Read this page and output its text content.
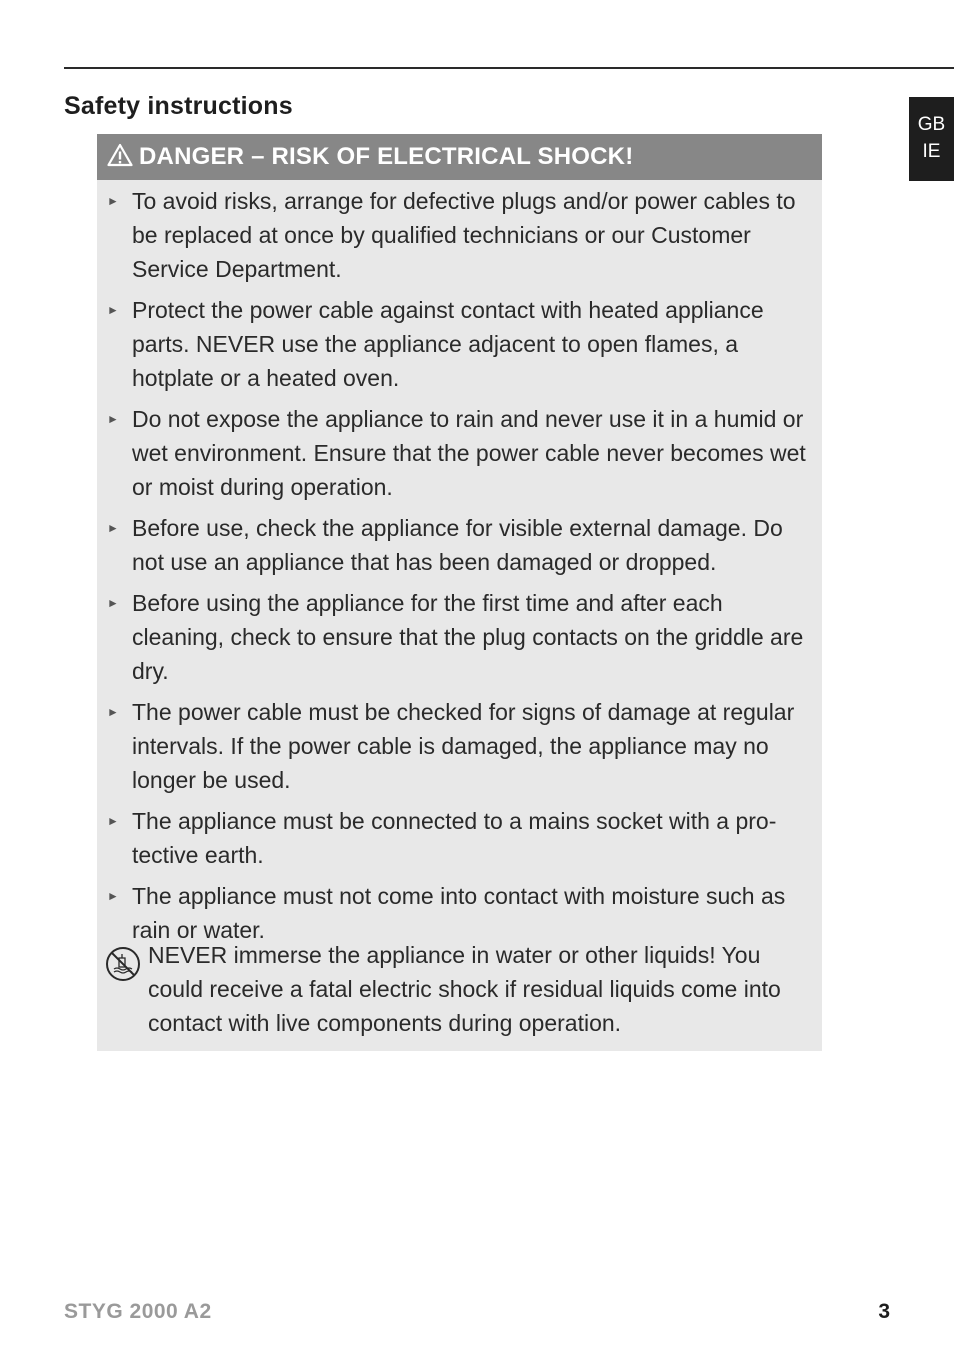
Safety instructions
GB
IE
DANGER – RISK OF ELECTRICAL SHOCK!
► To avoid risks, arrange for defective plugs and/or power cables to be replaced at once by qualified technicians or our Customer Service Department.
► Protect the power cable against contact with heated appliance parts. NEVER use the appliance adjacent to open flames, a hotplate or a heated oven.
► Do not expose the appliance to rain and never use it in a humid or wet environment. Ensure that the power cable never becomes wet or moist during operation.
► Before use, check the appliance for visible external damage. Do not use an appliance that has been damaged or dropped.
► Before using the appliance for the first time and after each cleaning, check to ensure that the plug contacts on the griddle are dry.
► The power cable must be checked for signs of damage at regular intervals. If the power cable is damaged, the appliance may no longer be used.
► The appliance must be connected to a mains socket with a pro-tective earth.
► The appliance must not come into contact with moisture such as rain or water.
NEVER immerse the appliance in water or other liquids! You could receive a fatal electric shock if residual liquids come into contact with live components during operation.
STYG 2000 A2	3
